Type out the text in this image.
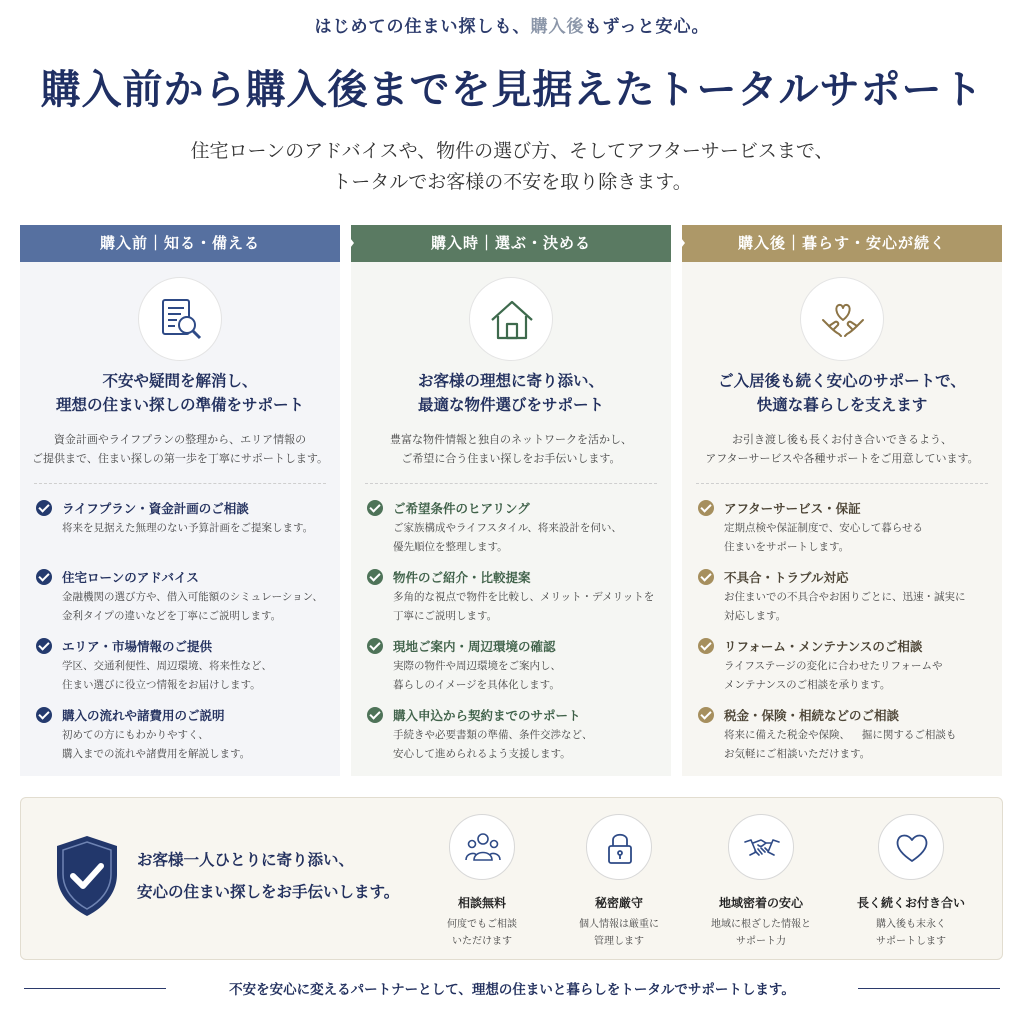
はじめての住まい探しも、購入後もずっと安心。
購入前から購入後までを見据えたトータルサポート
住宅ローンのアドバイスや、物件の選び方、そしてアフターサービスまで、
トータルでお客様の不安を取り除きます。
購入前｜知る・備える
不安や疑問を解消し、
理想の住まい探しの準備をサポート
資金計画やライフプランの整理から、エリア情報の
ご提供まで、住まい探しの第一歩を丁寧にサポートします。
ライフプラン・資金計画のご相談
将来を見据えた無理のない予算計画をご提案します。
住宅ローンのアドバイス
金融機関の選び方や、借入可能額のシミュレーション、
金利タイプの違いなどを丁寧にご説明します。
エリア・市場情報のご提供
学区、交通利便性、周辺環境、将来性など、
住まい選びに役立つ情報をお届けします。
購入の流れや諸費用のご説明
初めての方にもわかりやすく、
購入までの流れや諸費用を解説します。
購入時｜選ぶ・決める
お客様の理想に寄り添い、
最適な物件選びをサポート
豊富な物件情報と独自のネットワークを活かし、
ご希望に合う住まい探しをお手伝いします。
ご希望条件のヒアリング
ご家族構成やライフスタイル、将来設計を伺い、
優先順位を整理します。
物件のご紹介・比較提案
多角的な視点で物件を比較し、メリット・デメリットを
丁寧にご説明します。
現地ご案内・周辺環境の確認
実際の物件や周辺環境をご案内し、
暮らしのイメージを具体化します。
購入申込から契約までのサポート
手続きや必要書類の準備、条件交渉など、
安心して進められるよう支援します。
購入後｜暮らす・安心が続く
ご入居後も続く安心のサポートで、
快適な暮らしを支えます
お引き渡し後も長くお付き合いできるよう、
アフターサービスや各種サポートをご用意しています。
アフターサービス・保証
定期点検や保証制度で、安心して暮らせる
住まいをサポートします。
不具合・トラブル対応
お住まいでの不具合やお困りごとに、迅速・誠実に
対応します。
リフォーム・メンテナンスのご相談
ライフステージの変化に合わせたリフォームや
メンテナンスのご相談を承ります。
税金・保険・相続などのご相談
将来に備えた税金や保険、　 ​ 掘に関するご相談も
お気軽にご相談いただけます。
お客様一人ひとりに寄り添い、
安心の住まい探しをお手伝いします。
相談無料
何度でもご相談
いただけます
秘密厳守
個人情報は厳重に
管理します
地域密着の安心
地域に根ざした情報と
サポート力
長く続くお付き合い
購入後も末永く
サポートします
不安を安心に変えるパートナーとして、理想の住まいと暮らしをトータルでサポートします。
